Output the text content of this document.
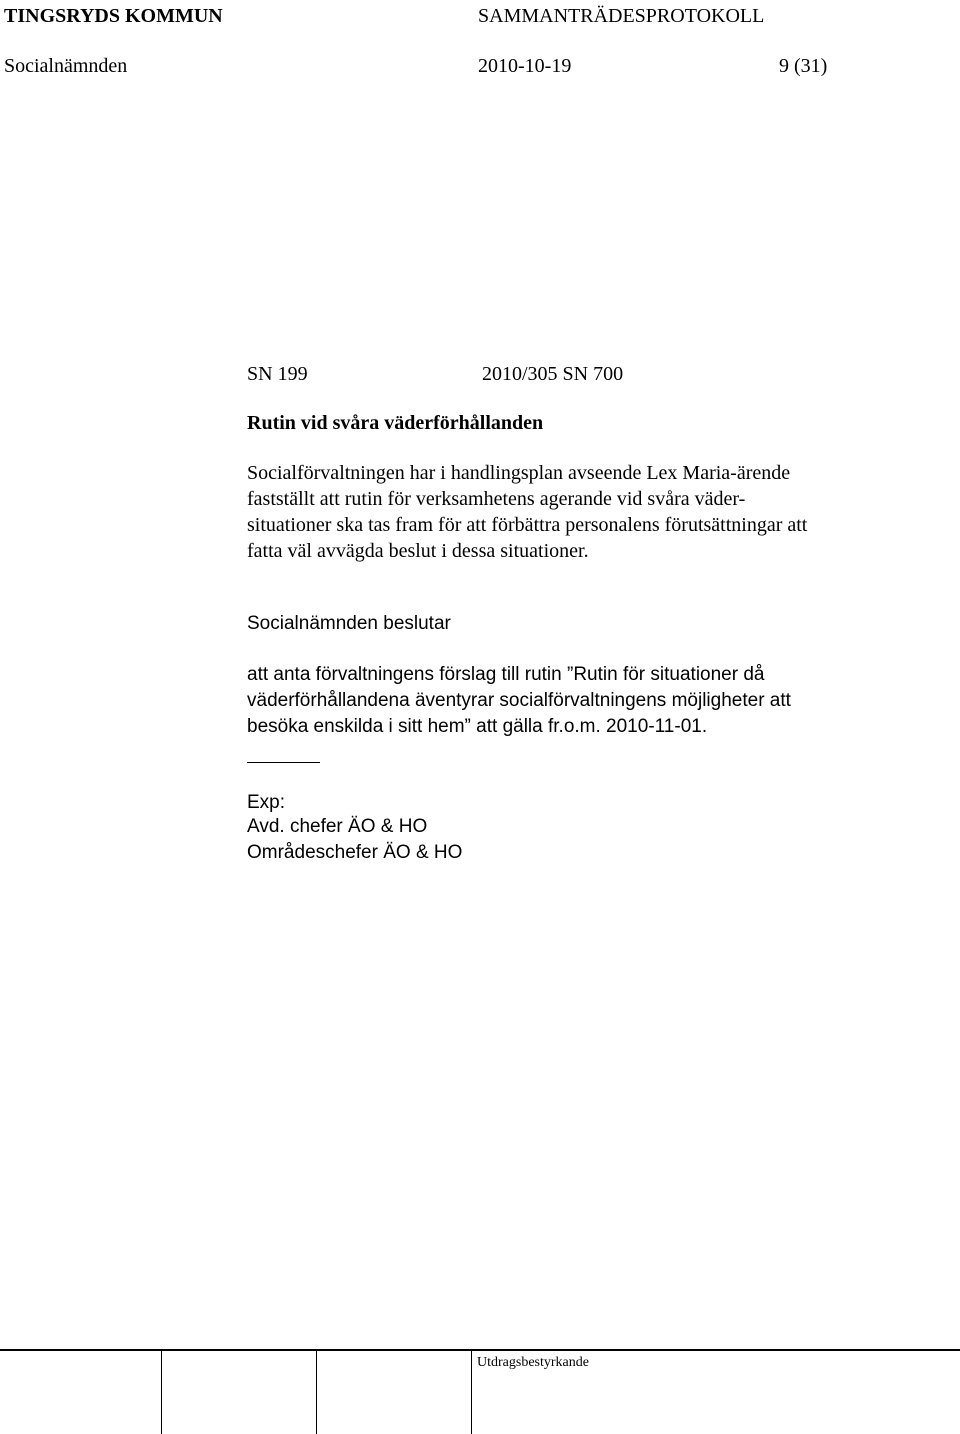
TINGSRYDS KOMMUN	SAMMANTRÄDESPROTOKOLL
Socialnämnden	2010-10-19	9 (31)
SN 199	2010/305 SN 700
Rutin vid svåra väderförhållanden
Socialförvaltningen har i handlingsplan avseende Lex Maria-ärende
fastställt att rutin för verksamhetens agerande vid svåra väder-
situationer ska tas fram för att förbättra personalens förutsättningar att
fatta väl avvägda beslut i dessa situationer.
Socialnämnden beslutar
att anta förvaltningens förslag till rutin ”Rutin för situationer då
väderförhållandena äventyrar socialförvaltningens möjligheter att
besöka enskilda i sitt hem” att gälla fr.o.m. 2010-11-01.
Exp:
Avd. chefer ÄO & HO
Områdeschefer ÄO & HO
Utdragsbestyrkande
